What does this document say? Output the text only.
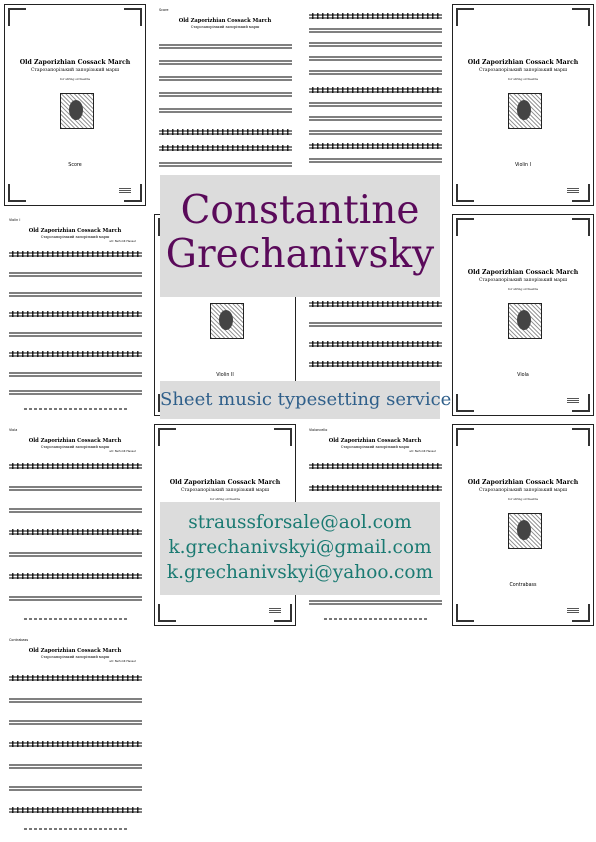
Old Zaporizhian Cossack March
Старозапорізький запорізький марш
for string orchestra
Score
Score
Old Zaporizhian Cossack March
Старозапорізький запорізький марш
Old Zaporizhian Cossack March
Старозапорізький запорізький марш
for string orchestra
Violin I
Violin I
Old Zaporizhian Cossack March
Старозапорізький запорізький марш
arr. Bertoldt Hauser
Violin II
Old Zaporizhian Cossack March
Старозапорізький запорізький марш
for string orchestra
Viola
Viola
Old Zaporizhian Cossack March
Старозапорізький запорізький марш
arr. Bertoldt Hauser
Old Zaporizhian Cossack March
Старозапорізький запорізький марш
for string orchestra
Violoncello
Old Zaporizhian Cossack March
Старозапорізький запорізький марш
arr. Bertoldt Hauser
Old Zaporizhian Cossack March
Старозапорізький запорізький марш
for string orchestra
Contrabass
Contrabass
Old Zaporizhian Cossack March
Старозапорізький запорізький марш
arr. Bertoldt Hauser
Constantine
Grechanivsky
Sheet music typesetting service
straussforsale@aol.com
k.grechanivskyi@gmail.com
k.grechanivskyi@yahoo.com
